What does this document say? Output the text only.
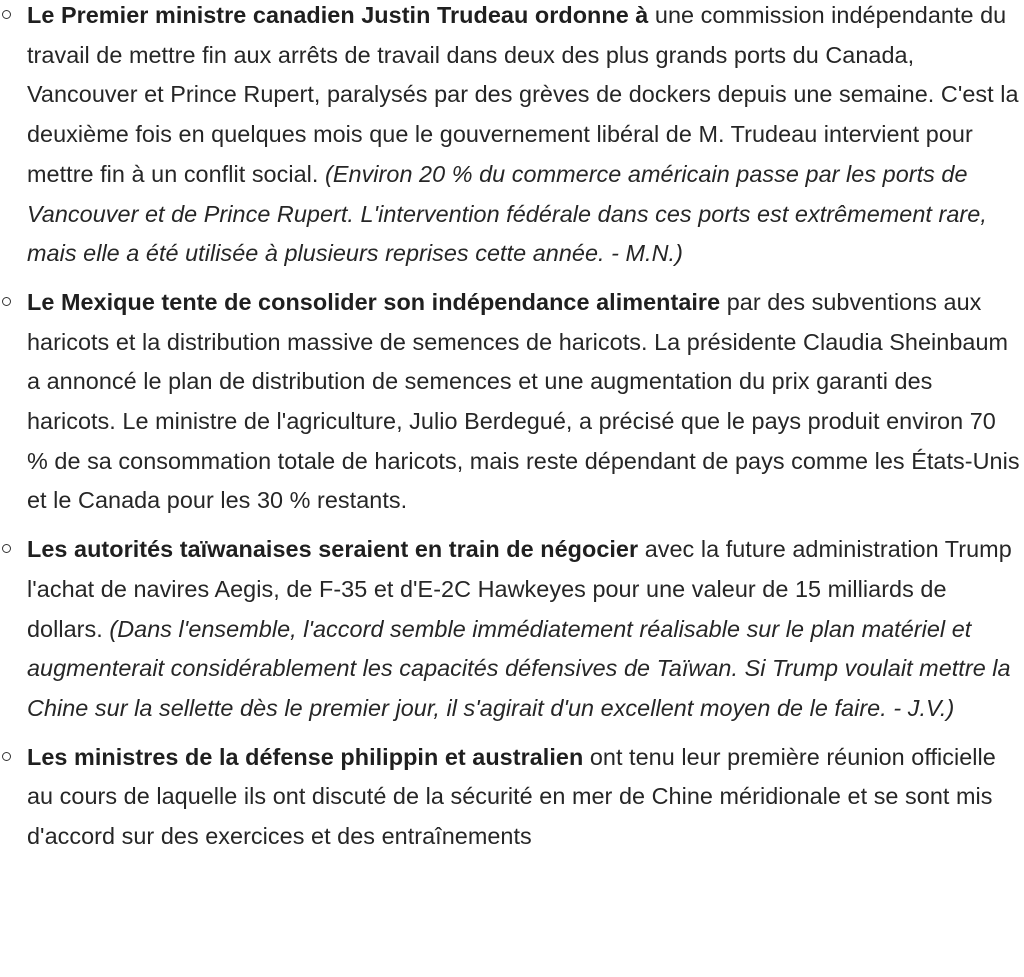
Le Premier ministre canadien Justin Trudeau ordonne à une commission indépendante du travail de mettre fin aux arrêts de travail dans deux des plus grands ports du Canada, Vancouver et Prince Rupert, paralysés par des grèves de dockers depuis une semaine. C'est la deuxième fois en quelques mois que le gouvernement libéral de M. Trudeau intervient pour mettre fin à un conflit social. (Environ 20 % du commerce américain passe par les ports de Vancouver et de Prince Rupert. L'intervention fédérale dans ces ports est extrêmement rare, mais elle a été utilisée à plusieurs reprises cette année. - M.N.)
Le Mexique tente de consolider son indépendance alimentaire par des subventions aux haricots et la distribution massive de semences de haricots. La présidente Claudia Sheinbaum a annoncé le plan de distribution de semences et une augmentation du prix garanti des haricots. Le ministre de l'agriculture, Julio Berdegué, a précisé que le pays produit environ 70 % de sa consommation totale de haricots, mais reste dépendant de pays comme les États-Unis et le Canada pour les 30 % restants.
Les autorités taïwanaises seraient en train de négocier avec la future administration Trump l'achat de navires Aegis, de F-35 et d'E-2C Hawkeyes pour une valeur de 15 milliards de dollars. (Dans l'ensemble, l'accord semble immédiatement réalisable sur le plan matériel et augmenterait considérablement les capacités défensives de Taïwan. Si Trump voulait mettre la Chine sur la sellette dès le premier jour, il s'agirait d'un excellent moyen de le faire. - J.V.)
Les ministres de la défense philippin et australien ont tenu leur première réunion officielle au cours de laquelle ils ont discuté de la sécurité en mer de Chine méridionale et se sont mis d'accord sur des exercices et des entraînements
